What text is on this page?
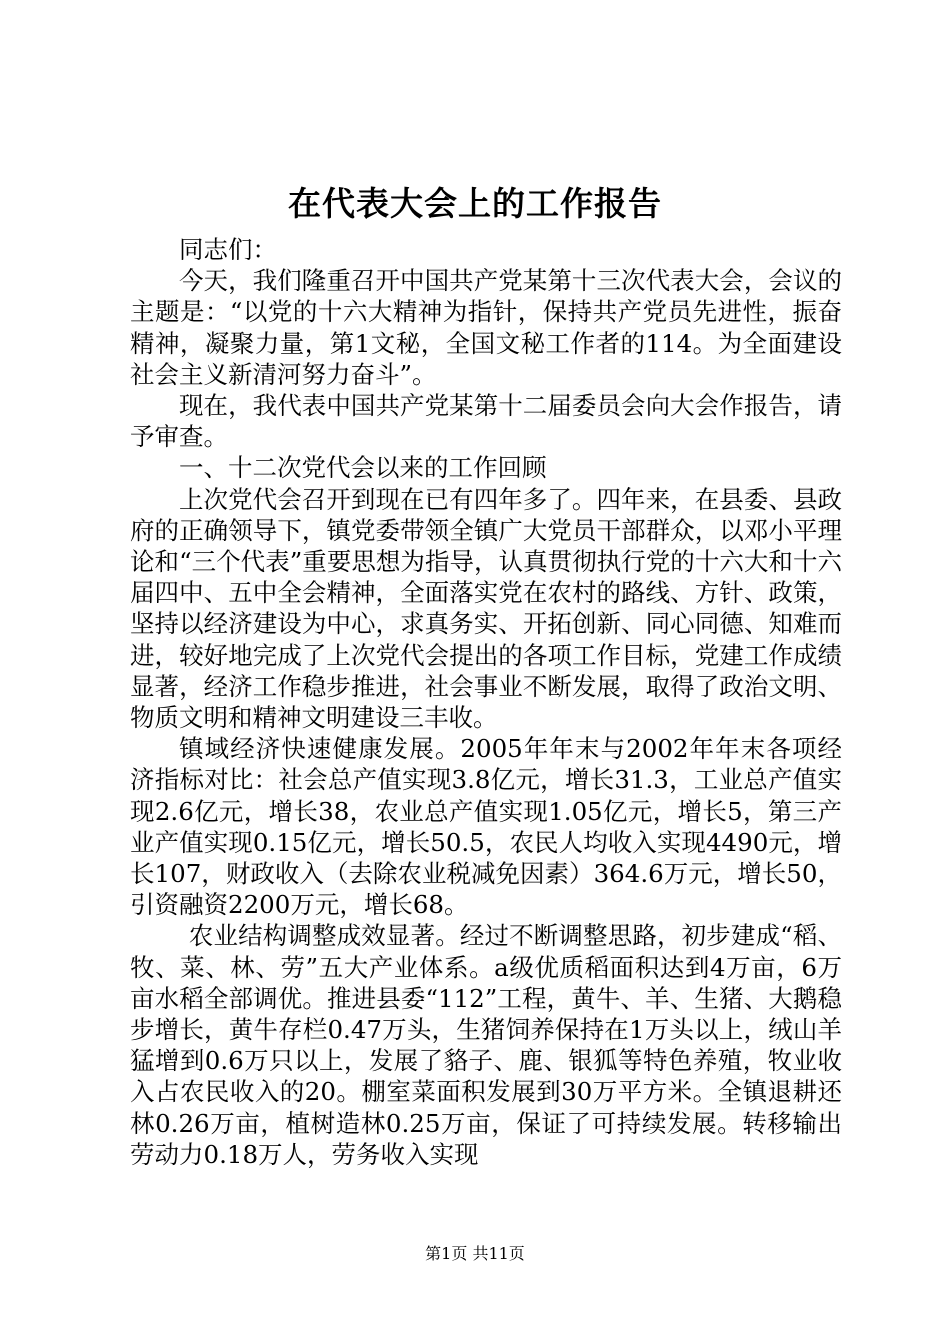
在代表大会上的工作报告

同志们：

今天，我们隆重召开中国共产党某第十三次代表大会，会议的主题是：“以党的十六大精神为指针，保持共产党员先进性，振奋精神，凝聚力量，第1文秘，全国文秘工作者的114。为全面建设社会主义新清河努力奋斗”。

现在，我代表中国共产党某第十二届委员会向大会作报告，请予审查。

一、十二次党代会以来的工作回顾

上次党代会召开到现在已有四年多了。四年来，在县委、县政府的正确领导下，镇党委带领全镇广大党员干部群众，以邓小平理论和“三个代表”重要思想为指导，认真贯彻执行党的十六大和十六届四中、五中全会精神，全面落实党在农村的路线、方针、政策，坚持以经济建设为中心，求真务实、开拓创新、同心同德、知难而进，较好地完成了上次党代会提出的各项工作目标，党建工作成绩显著，经济工作稳步推进，社会事业不断发展，取得了政治文明、物质文明和精神文明建设三丰收。

镇域经济快速健康发展。2005年年末与2002年年末各项经济指标对比：社会总产值实现3.8亿元，增长31.3，工业总产值实现2.6亿元，增长38，农业总产值实现1.05亿元，增长5，第三产业产值实现0.15亿元，增长50.5，农民人均收入实现4490元，增长107，财政收入（去除农业税减免因素）364.6万元，增长50，引资融资2200万元，增长68。

农业结构调整成效显著。经过不断调整思路，初步建成“稻、牧、菜、林、劳”五大产业体系。a级优质稻面积达到4万亩，6万亩水稻全部调优。推进县委“112”工程，黄牛、羊、生猪、大鹅稳步增长，黄牛存栏0.47万头，生猪饲养保持在1万头以上，绒山羊猛增到0.6万只以上，发展了貉子、鹿、银狐等特色养殖，牧业收入占农民收入的20。棚室菜面积发展到30万平方米。全镇退耕还林0.26万亩，植树造林0.25万亩，保证了可持续发展。转移输出劳动力0.18万人，劳务收入实现

第1页 共11页
